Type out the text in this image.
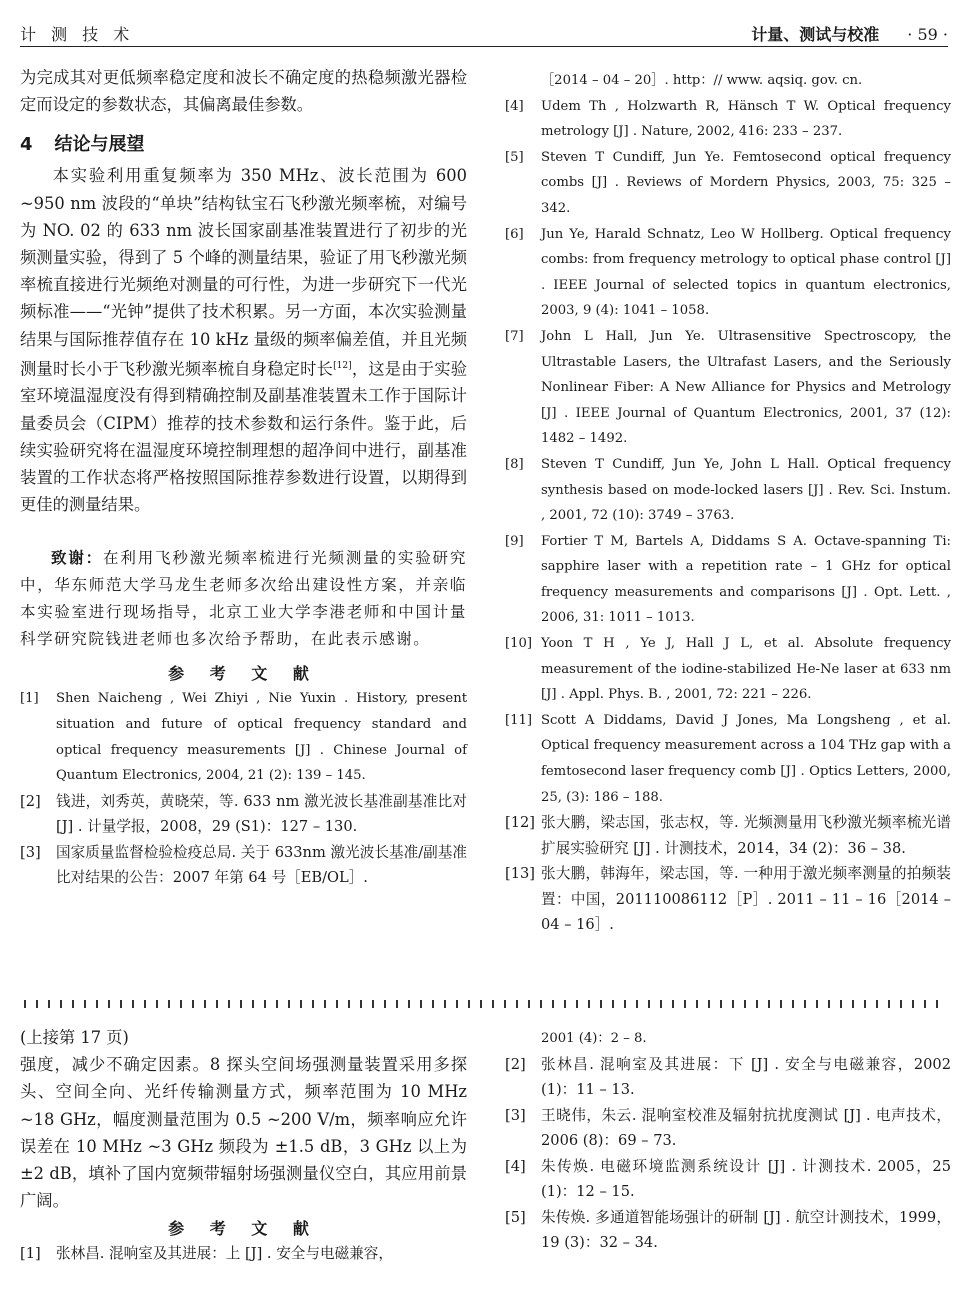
计 测 技 术	计量、测试与校准 · 59 ·

为完成其对更低频率稳定度和波长不确定度的热稳频激光器检定而设定的参数状态，其偏离最佳参数。

4 结论与展望

本实验利用重复频率为 350 MHz、波长范围为 600 ~950 nm 波段的“单块”结构钛宝石飞秒激光频率梳，对编号为 NO. 02 的 633 nm 波长国家副基准装置进行了初步的光频测量实验，得到了 5 个峰的测量结果，验证了用飞秒激光频率梳直接进行光频绝对测量的可行性，为进一步研究下一代光频标准——“光钟”提供了技术积累。另一方面，本次实验测量结果与国际推荐值存在 10 kHz 量级的频率偏差值，并且光频测量时长小于飞秒激光频率梳自身稳定时长[12]，这是由于实验室环境温湿度没有得到精确控制及副基准装置未工作于国际计量委员会（CIPM）推荐的技术参数和运行条件。鉴于此，后续实验研究将在温湿度环境控制理想的超净间中进行，副基准装置的工作状态将严格按照国际推荐参数进行设置，以期得到更佳的测量结果。

致谢：在利用飞秒激光频率梳进行光频测量的实验研究中，华东师范大学马龙生老师多次给出建设性方案，并亲临本实验室进行现场指导，北京工业大学李港老师和中国计量科学研究院钱进老师也多次给予帮助，在此表示感谢。

参 考 文 献
[1]	Shen Naicheng , Wei Zhiyi , Nie Yuxin . History, present situation and future of optical frequency standard and optical frequency measurements [J] . Chinese Journal of Quantum Electronics, 2004, 21 (2): 139 – 145.
[2]	钱进，刘秀英，黄晓荣，等. 633 nm 激光波长基准副基准比对 [J] . 计量学报，2008，29 (S1)：127 – 130.
[3]	国家质量监督检验检疫总局. 关于 633nm 激光波长基准/副基准比对结果的公告：2007 年第 64 号［EB/OL］.
［2014 – 04 – 20］. http：// www. aqsiq. gov. cn.
[4]	Udem Th , Holzwarth R, Hänsch T W. Optical frequency metrology [J] . Nature, 2002, 416: 233 – 237.
[5]	Steven T Cundiff, Jun Ye. Femtosecond optical frequency combs [J] . Reviews of Mordern Physics, 2003, 75: 325 – 342.
[6]	Jun Ye, Harald Schnatz, Leo W Hollberg. Optical frequency combs: from frequency metrology to optical phase control [J] . IEEE Journal of selected topics in quantum electronics, 2003, 9 (4): 1041 – 1058.
[7]	John L Hall, Jun Ye. Ultrasensitive Spectroscopy, the Ultrastable Lasers, the Ultrafast Lasers, and the Seriously Nonlinear Fiber: A New Alliance for Physics and Metrology [J] . IEEE Journal of Quantum Electronics, 2001, 37 (12): 1482 – 1492.
[8]	Steven T Cundiff, Jun Ye, John L Hall. Optical frequency synthesis based on mode-locked lasers [J] . Rev. Sci. Instum. , 2001, 72 (10): 3749 – 3763.
[9]	Fortier T M, Bartels A, Diddams S A. Octave-spanning Ti: sapphire laser with a repetition rate – 1 GHz for optical frequency measurements and comparisons [J] . Opt. Lett. , 2006, 31: 1011 – 1013.
[10] Yoon T H , Ye J, Hall J L, et al. Absolute frequency measurement of the iodine-stabilized He-Ne laser at 633 nm [J] . Appl. Phys. B. , 2001, 72: 221 – 226.
[11] Scott A Diddams, David J Jones, Ma Longsheng , et al. Optical frequency measurement across a 104 THz gap with a femtosecond laser frequency comb [J] . Optics Letters, 2000, 25, (3): 186 – 188.
[12] 张大鹏，梁志国，张志权，等. 光频测量用飞秒激光频率梳光谱扩展实验研究 [J] . 计测技术，2014，34 (2)：36 – 38.
[13] 张大鹏，韩海年，梁志国，等. 一种用于激光频率测量的拍频装置：中国，201110086112［P］. 2011 – 11 – 16［2014 – 04 – 16］.

(上接第 17 页)

强度，减少不确定因素。8 探头空间场强测量装置采用多探头、空间全向、光纤传输测量方式，频率范围为 10 MHz ~18 GHz，幅度测量范围为 0.5 ~200 V/m，频率响应允许误差在 10 MHz ~3 GHz 频段为 ±1.5 dB，3 GHz 以上为 ±2 dB，填补了国内宽频带辐射场强测量仪空白，其应用前景广阔。

参 考 文 献
[1]	张林昌. 混响室及其进展：上 [J] . 安全与电磁兼容，
2001 (4)：2 – 8.
[2]	张林昌. 混响室及其进展：下 [J] . 安全与电磁兼容，2002 (1)：11 – 13.
[3]	王晓伟，朱云. 混响室校准及辐射抗扰度测试 [J] . 电声技术，2006 (8)：69 – 73.
[4]	朱传焕. 电磁环境监测系统设计 [J] . 计测技术. 2005，25 (1)：12 – 15.
[5]	朱传焕. 多通道智能场强计的研制 [J] . 航空计测技术，1999，19 (3)：32 – 34.
